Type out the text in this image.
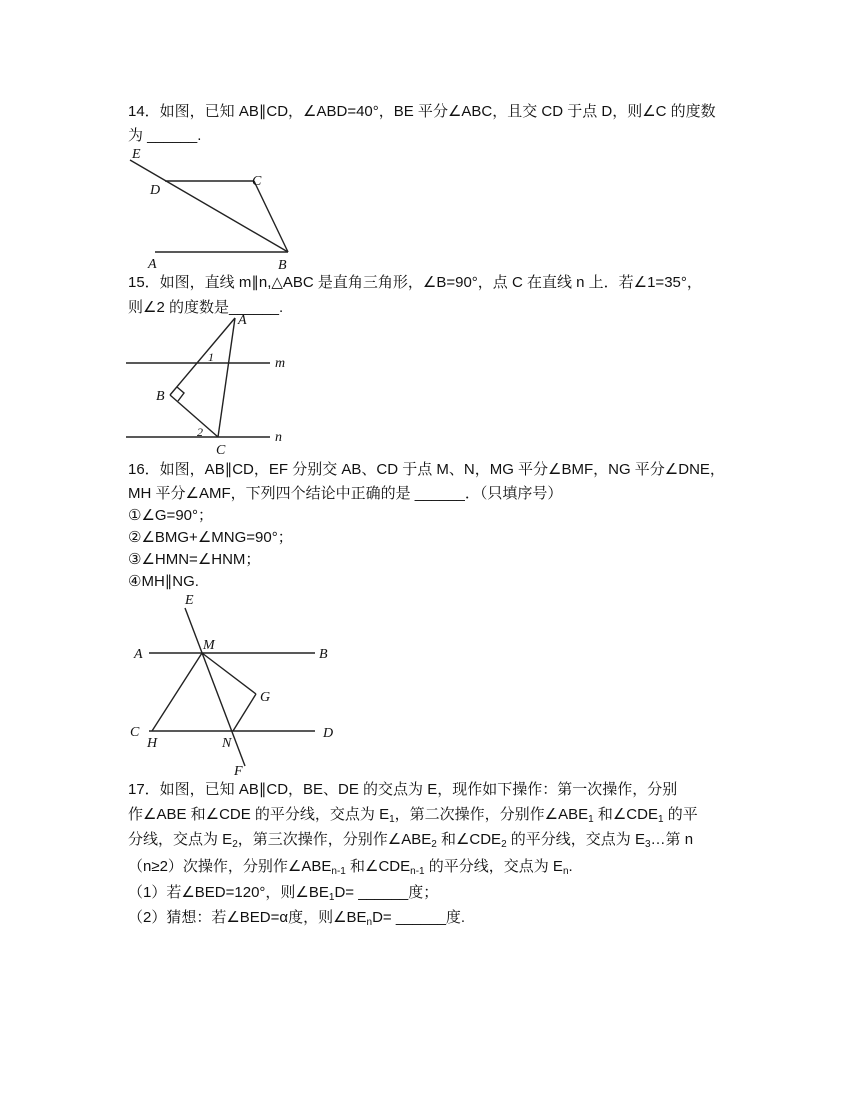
14．如图，已知 AB∥CD，∠ABD=40°，BE 平分∠ABC，且交 CD 于点 D，则∠C 的度数
为 ______.
E
D
C
A	B
15．如图，直线 m∥n,△ABC 是直角三角形，∠B=90°，点 C 在直线 n 上．若∠1=35°，
则∠2 的度数是______.
A
m
1
B
2
C
n
16．如图，AB∥CD，EF 分别交 AB、CD 于点 M、N，MG 平分∠BMF，NG 平分∠DNE，
MH 平分∠AMF，下列四个结论中正确的是 ______．（只填序号）
①∠G=90°；
②∠BMG+∠MNG=90°；
③∠HMN=∠HNM；
④MH∥NG.
E
A
M
B
G
C
H	N
D
F
17．如图，已知 AB∥CD，BE、DE 的交点为 E，现作如下操作：第一次操作，分别
作∠ABE 和∠CDE 的平分线，交点为 $E_1$，第二次操作，分别作$\angle ABE_1$ 和$\angle CDE_1$ 的平
分线，交点为 $E_2$，第三次操作，分别作$\angle ABE_2$ 和$\angle CDE_2$ 的平分线，交点为 $E_3\dots$第 n
（n≥2）次操作，分别作$\angle ABE_{n-1}$ 和$\angle CDE_{n-1}$ 的平分线，交点为 $E_n$.
（1）若∠BED=120°，则$\angle BE_1D=$ ______度；
（2）猜想：若∠BED=α度，则$\angle BE_nD=$ ______度.
